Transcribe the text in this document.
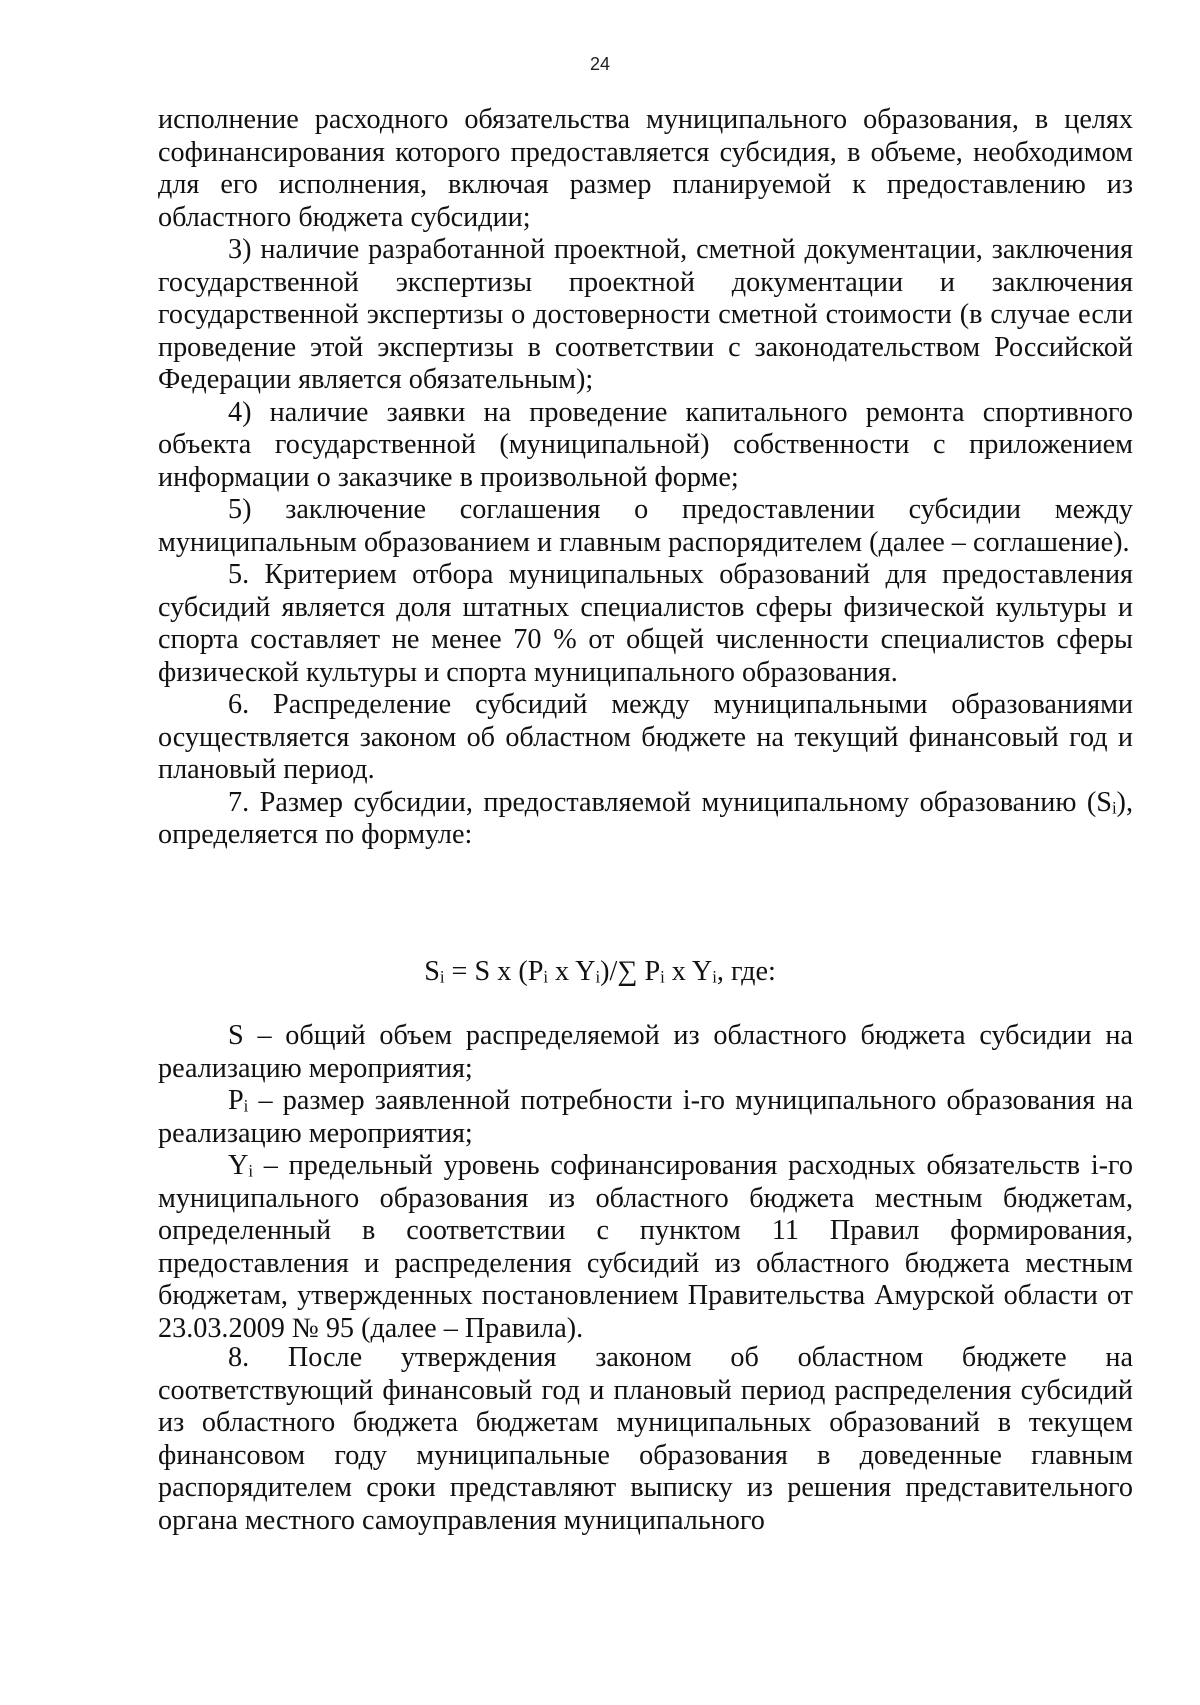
24

исполнение расходного обязательства муниципального образования, в целях софинансирования которого предоставляется субсидия, в объеме, необходимом для его исполнения, включая размер планируемой к предоставлению из областного бюджета субсидии;

3) наличие разработанной проектной, сметной документации, заключения государственной экспертизы проектной документации и заключения государственной экспертизы о достоверности сметной стоимости (в случае если проведение этой экспертизы в соответствии с законодательством Российской Федерации является обязательным);

4) наличие заявки на проведение капитального ремонта спортивного объекта государственной (муниципальной) собственности с приложением информации о заказчике в произвольной форме;

5) заключение соглашения о предоставлении субсидии между муниципальным образованием и главным распорядителем (далее – соглашение).

5. Критерием отбора муниципальных образований для предоставления субсидий является доля штатных специалистов сферы физической культуры и спорта составляет не менее 70 % от общей численности специалистов сферы физической культуры и спорта муниципального образования.

6. Распределение субсидий между муниципальными образованиями осуществляется законом об областном бюджете на текущий финансовый год и плановый период.

7. Размер субсидии, предоставляемой муниципальному образованию (Sᵢ), определяется по формуле:

Sᵢ = S x (Pᵢ x Yᵢ)/∑ Pᵢ x Yᵢ, где:

S – общий объем распределяемой из областного бюджета субсидии на реализацию мероприятия;

Pᵢ – размер заявленной потребности i-го муниципального образования на реализацию мероприятия;

Yᵢ – предельный уровень софинансирования расходных обязательств i-го муниципального образования из областного бюджета местным бюджетам, определенный в соответствии с пунктом 11 Правил формирования, предоставления и распределения субсидий из областного бюджета местным бюджетам, утвержденных постановлением Правительства Амурской области от 23.03.2009 № 95 (далее – Правила).

8. После утверждения законом об областном бюджете на соответствующий финансовый год и плановый период распределения субсидий из областного бюджета бюджетам муниципальных образований в текущем финансовом году муниципальные образования в доведенные главным распорядителем сроки представляют выписку из решения представительного органа местного самоуправления муниципального
